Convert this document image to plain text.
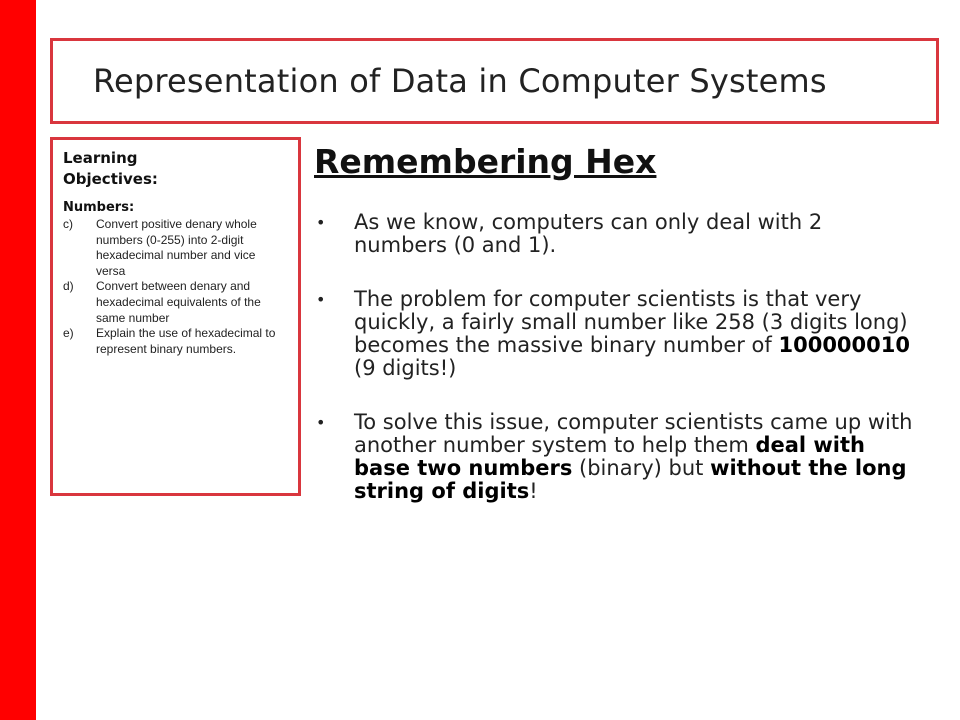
Representation of Data in Computer Systems
Learning Objectives:
Numbers:
c)	Convert positive denary whole numbers (0-255) into 2-digit hexadecimal number and vice versa
d)	Convert between denary and hexadecimal equivalents of the same number
e)	Explain the use of hexadecimal to represent binary numbers.
Remembering Hex
•	As we know, computers can only deal with 2 numbers (0 and 1).
•	The problem for computer scientists is that very quickly, a fairly small number like 258 (3 digits long) becomes the massive binary number of 100000010 (9 digits!)
•	To solve this issue, computer scientists came up with another number system to help them deal with base two numbers (binary) but without the long string of digits!
